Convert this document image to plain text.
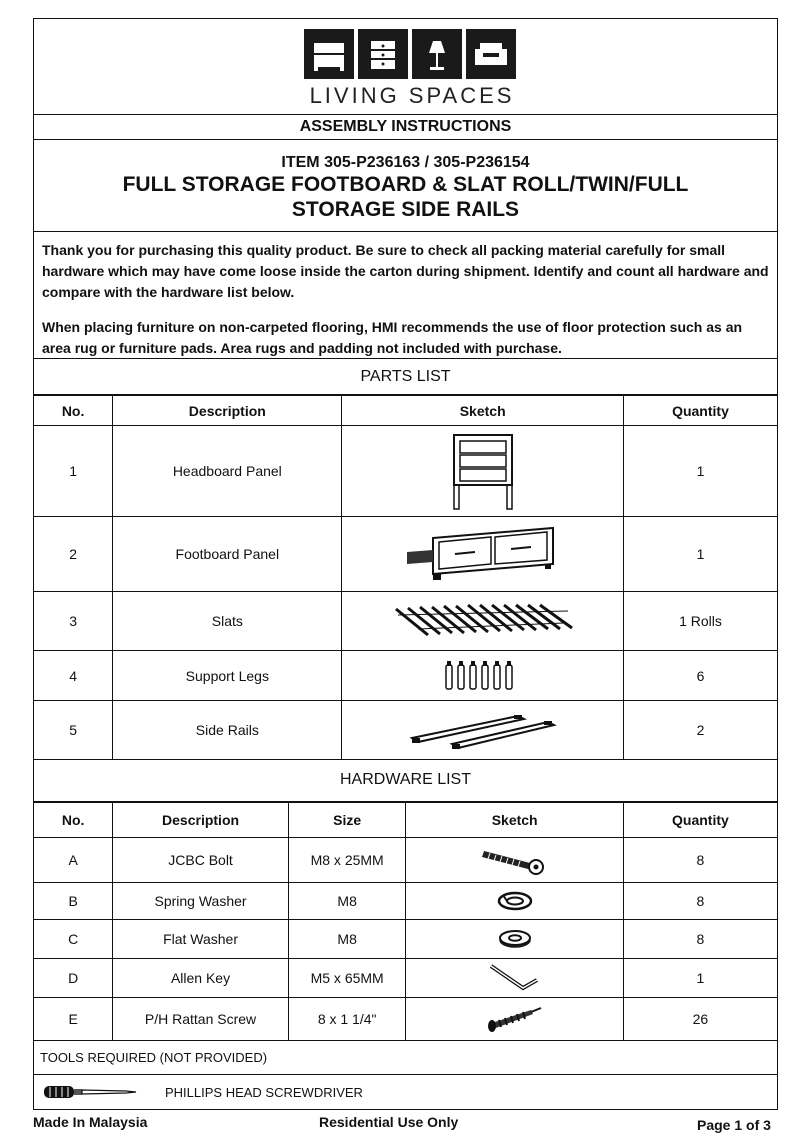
LIVING SPACES
ASSEMBLY INSTRUCTIONS
ITEM 305-P236163 / 305-P236154
FULL STORAGE FOOTBOARD & SLAT ROLL/TWIN/FULL
STORAGE SIDE RAILS

Thank you for purchasing this quality product. Be sure to check all packing material carefully for small hardware which may have come loose inside the carton during shipment. Identify and count all hardware and compare with the hardware list below.

When placing furniture on non-carpeted flooring, HMI recommends the use of floor protection such as an area rug or furniture pads. Area rugs and padding not included with purchase.

PARTS LIST
No.	Description	Sketch	Quantity
1	Headboard Panel		1
2	Footboard Panel		1
3	Slats		1 Rolls
4	Support Legs		6
5	Side Rails		2
HARDWARE LIST
No.	Description	Size	Sketch	Quantity
A	JCBC Bolt	M8 x 25MM		8
B	Spring Washer	M8		8
C	Flat Washer	M8		8
D	Allen Key	M5 x 65MM		1
E	P/H Rattan Screw	8 x 1 1/4"		26
TOOLS REQUIRED (NOT PROVIDED)
PHILLIPS HEAD SCREWDRIVER
Made In Malaysia	Residential Use Only	Page 1 of 3
